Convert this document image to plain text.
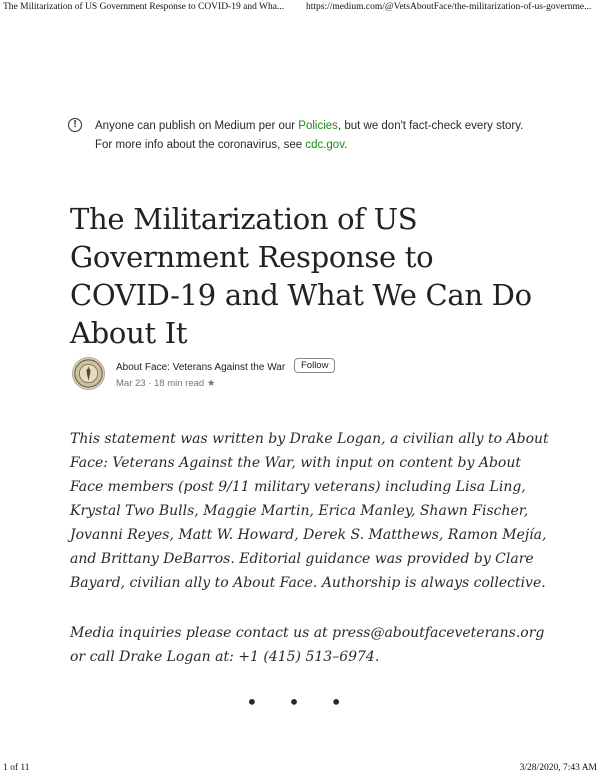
The Militarization of US Government Response to COVID-19 and Wha... https://medium.com/@VetsAboutFace/the-militarization-of-us-governme...
!	Anyone can publish on Medium per our Policies, but we don't fact-check every story. For more info about the coronavirus, see cdc.gov.
The Militarization of US Government Response to COVID-19 and What We Can Do About It
About Face: Veterans Against the War	Follow
Mar 23 · 18 min read ★

This statement was written by Drake Logan, a civilian ally to About Face: Veterans Against the War, with input on content by About Face members (post 9/11 military veterans) including Lisa Ling, Krystal Two Bulls, Maggie Martin, Erica Manley, Shawn Fischer, Jovanni Reyes, Matt W. Howard, Derek S. Matthews, Ramon Mejía, and Brittany DeBarros. Editorial guidance was provided by Clare Bayard, civilian ally to About Face. Authorship is always collective.

Media inquiries please contact us at press@aboutfaceveterans.org or call Drake Logan at: +1 (415) 513–6974.

• • •
1 of 11	3/28/2020, 7:43 AM
